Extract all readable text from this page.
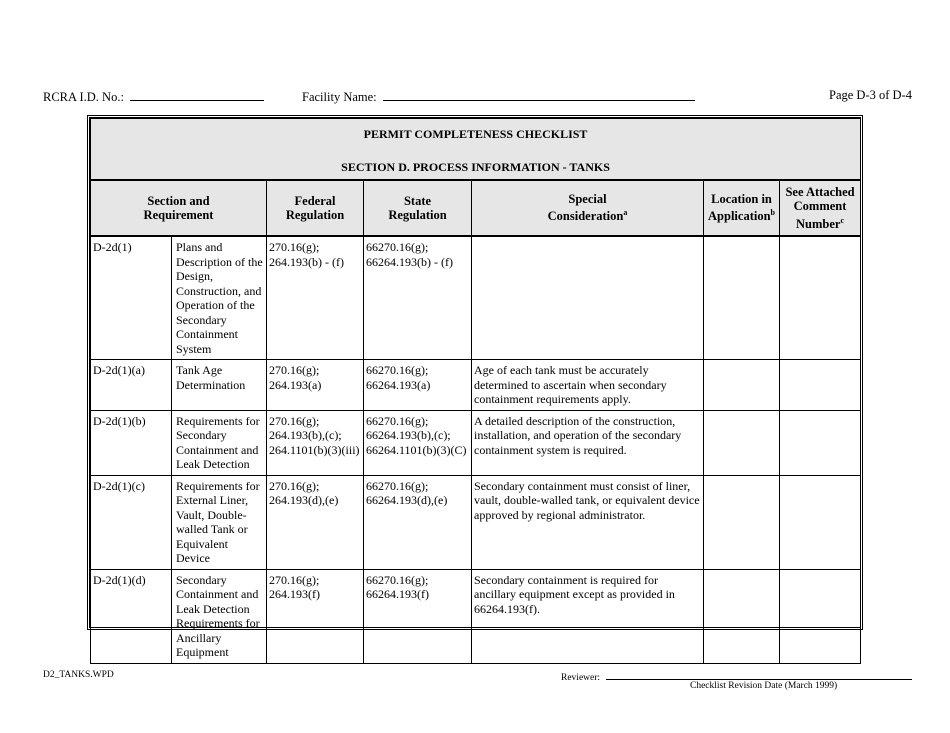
RCRA I.D. No.:	Facility Name:	Page D-3 of D-4
PERMIT COMPLETENESS CHECKLIST
SECTION D. PROCESS INFORMATION - TANKS						

Section and Requirement		Federal Regulation	State Regulation	Special Consideration$^a$	Location in Application$^b$	See Attached Comment Number$^c$
D-2d(1)	Plans and Description of the Design, Construction, and Operation of the Secondary Containment System	270.16(g); 264.193(b) - (f)	66270.16(g); 66264.193(b) - (f)			
D-2d(1)(a)	Tank Age Determination	270.16(g); 264.193(a)	66270.16(g); 66264.193(a)	Age of each tank must be accurately determined to ascertain when secondary containment requirements apply.		
D-2d(1)(b)	Requirements for Secondary Containment and Leak Detection	270.16(g); 264.193(b),(c); 264.1101(b)(3)(iii)	66270.16(g); 66264.193(b),(c); 66264.1101(b)(3)(C)	A detailed description of the construction, installation, and operation of the secondary containment system is required.		
D-2d(1)(c)	Requirements for External Liner, Vault, Double-walled Tank or Equivalent Device	270.16(g); 264.193(d),(e)	66270.16(g); 66264.193(d),(e)	Secondary containment must consist of liner, vault, double-walled tank, or equivalent device approved by regional administrator.		
D-2d(1)(d)	Secondary Containment and Leak Detection Requirements for Ancillary Equipment	270.16(g); 264.193(f)	66270.16(g); 66264.193(f)	Secondary containment is required for ancillary equipment except as provided in 66264.193(f).		
D2_TANKS.WPD	Reviewer:
Checklist Revision Date (March 1999)
